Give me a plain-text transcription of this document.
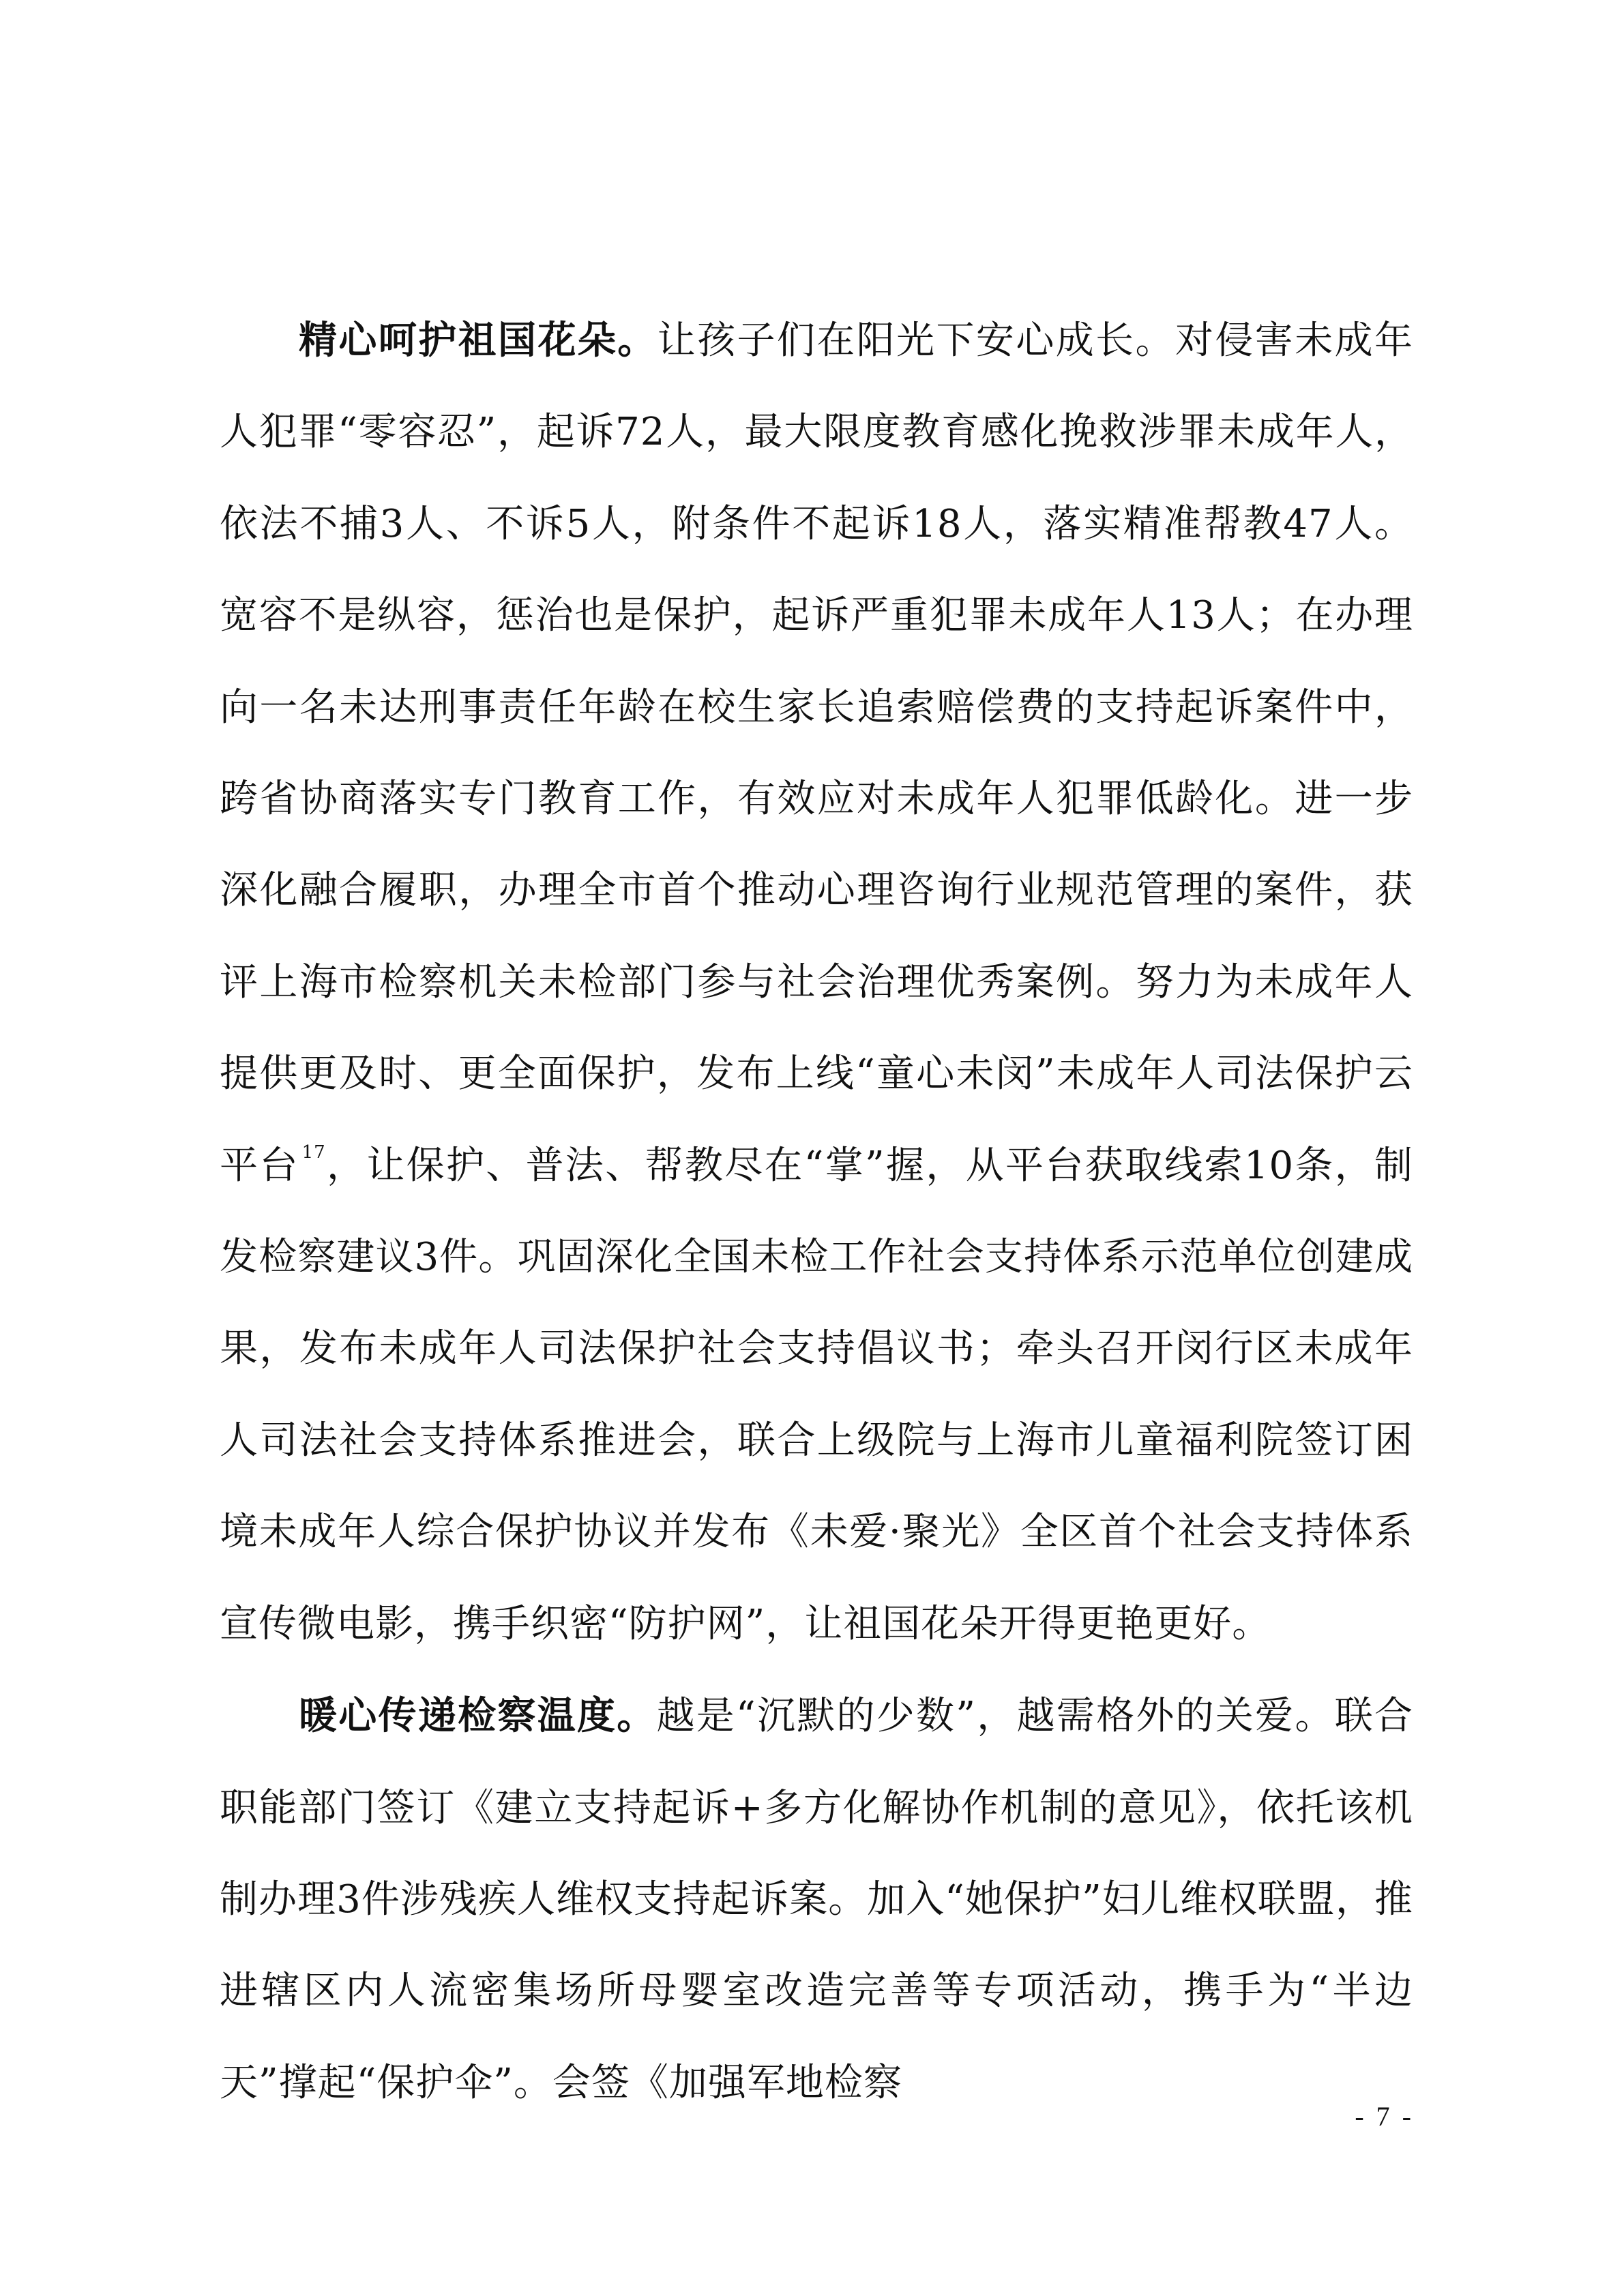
精心呵护祖国花朵。让孩子们在阳光下安心成长。对侵害未成年人犯罪“零容忍”，起诉72人，最大限度教育感化挽救涉罪未成年人，依法不捕3人、不诉5人，附条件不起诉18人，落实精准帮教47人。宽容不是纵容，惩治也是保护，起诉严重犯罪未成年人13人；在办理向一名未达刑事责任年龄在校生家长追索赔偿费的支持起诉案件中，跨省协商落实专门教育工作，有效应对未成年人犯罪低龄化。进一步深化融合履职，办理全市首个推动心理咨询行业规范管理的案件，获评上海市检察机关未检部门参与社会治理优秀案例。努力为未成年人提供更及时、更全面保护，发布上线“童心未闵”未成年人司法保护云平台 $^{17}$，让保护、普法、帮教尽在“掌”握，从平台获取线索10条，制发检察建议3件。巩固深化全国未检工作社会支持体系示范单位创建成果，发布未成年人司法保护社会支持倡议书；牵头召开闵行区未成年人司法社会支持体系推进会，联合上级院与上海市儿童福利院签订困境未成年人综合保护协议并发布《未爱·聚光》全区首个社会支持体系宣传微电影，携手织密“防护网”，让祖国花朵开得更艳更好。

暖心传递检察温度。越是“沉默的少数”，越需格外的关爱。联合职能部门签订《建立支持起诉+多方化解协作机制的意见》，依托该机制办理3件涉残疾人维权支持起诉案。加入“她保护”妇儿维权联盟，推进辖区内人流密集场所母婴室改造完善等专项活动，携手为“半边天”撑起“保护伞”。会签《加强军地检察

- 7 -
